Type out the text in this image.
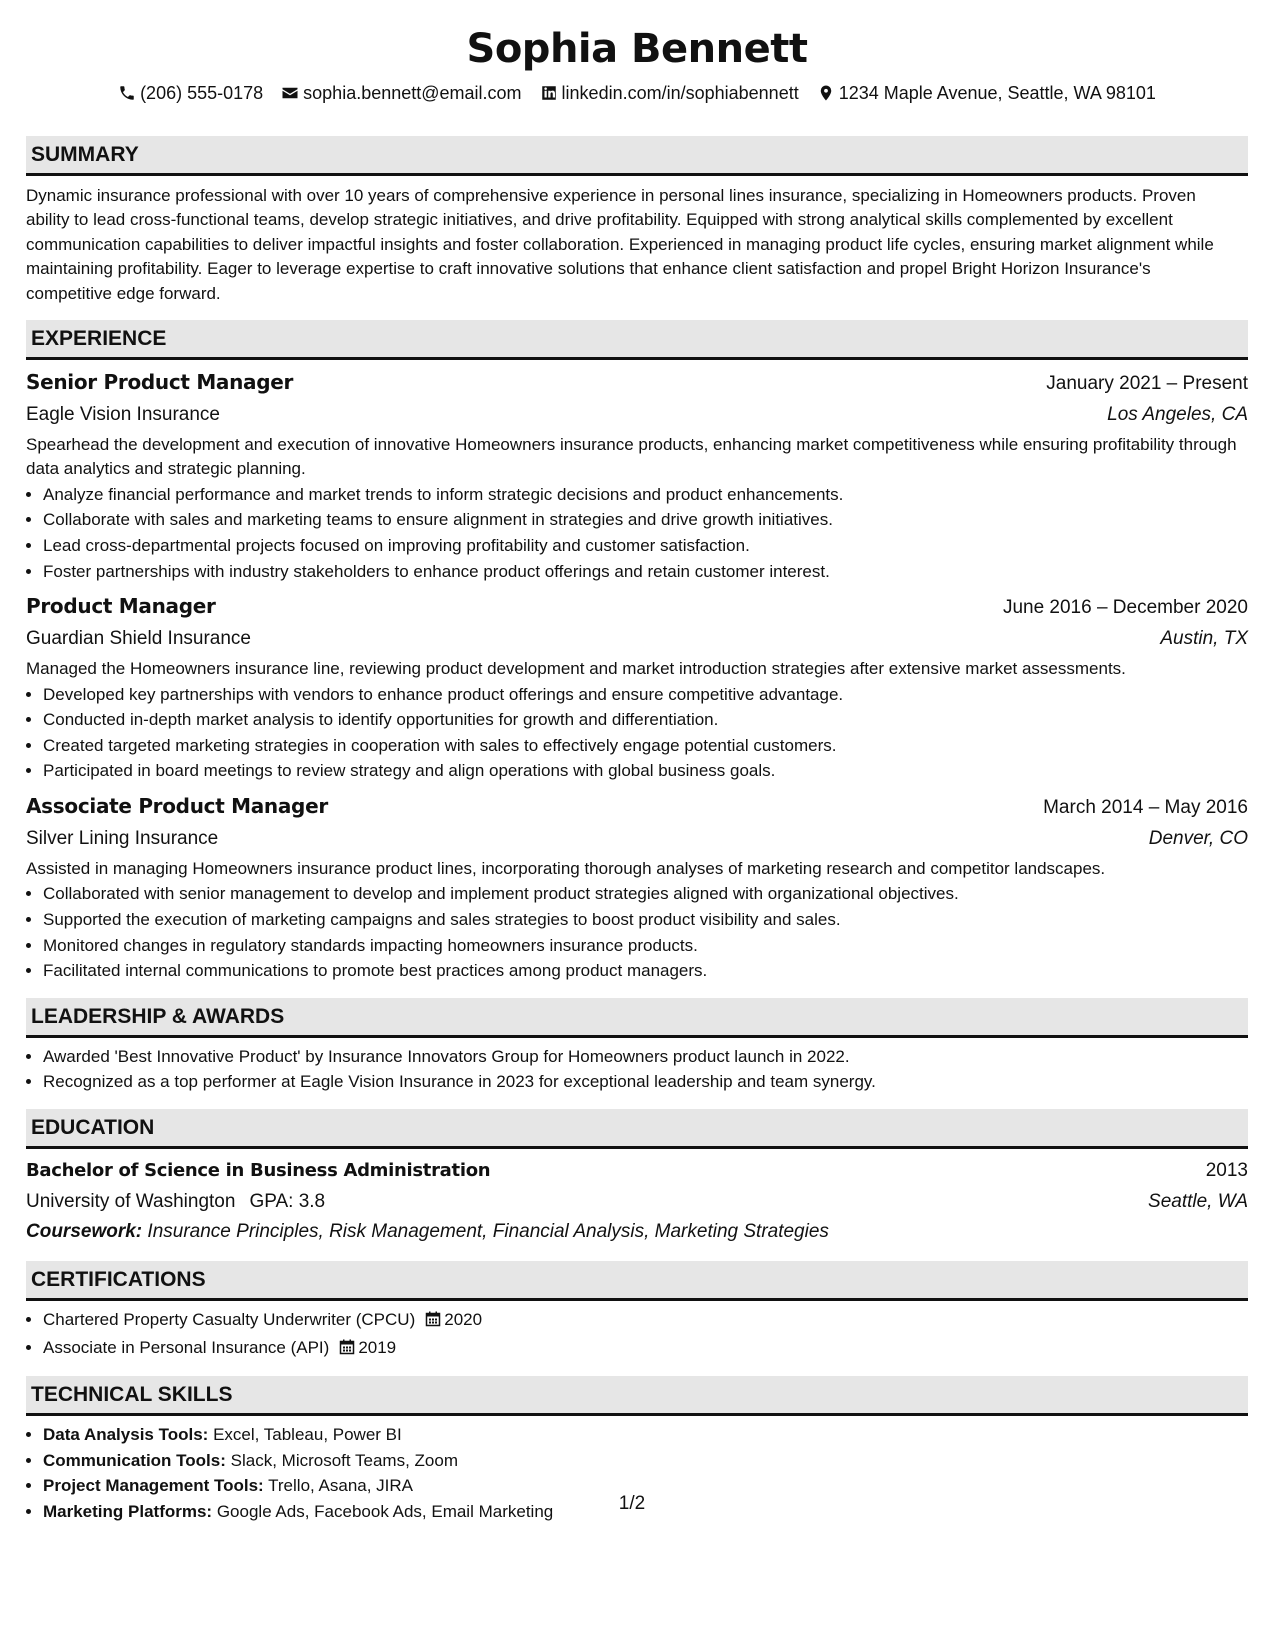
Sophia Bennett
(206) 555-0178 sophia.bennett@email.com linkedin.com/in/sophiabennett 1234 Maple Avenue, Seattle, WA 98101
SUMMARY
Dynamic insurance professional with over 10 years of comprehensive experience in personal lines insurance, specializing in Homeowners products. Proven ability to lead cross-functional teams, develop strategic initiatives, and drive profitability. Equipped with strong analytical skills complemented by excellent communication capabilities to deliver impactful insights and foster collaboration. Experienced in managing product life cycles, ensuring market alignment while maintaining profitability. Eager to leverage expertise to craft innovative solutions that enhance client satisfaction and propel Bright Horizon Insurance's competitive edge forward.
EXPERIENCE
Senior Product Manager	January 2021 – Present
Eagle Vision Insurance	Los Angeles, CA
Spearhead the development and execution of innovative Homeowners insurance products, enhancing market competitiveness while ensuring profitability through data analytics and strategic planning.
• Analyze financial performance and market trends to inform strategic decisions and product enhancements.
• Collaborate with sales and marketing teams to ensure alignment in strategies and drive growth initiatives.
• Lead cross-departmental projects focused on improving profitability and customer satisfaction.
• Foster partnerships with industry stakeholders to enhance product offerings and retain customer interest.
Product Manager	June 2016 – December 2020
Guardian Shield Insurance	Austin, TX
Managed the Homeowners insurance line, reviewing product development and market introduction strategies after extensive market assessments.
• Developed key partnerships with vendors to enhance product offerings and ensure competitive advantage.
• Conducted in-depth market analysis to identify opportunities for growth and differentiation.
• Created targeted marketing strategies in cooperation with sales to effectively engage potential customers.
• Participated in board meetings to review strategy and align operations with global business goals.
Associate Product Manager	March 2014 – May 2016
Silver Lining Insurance	Denver, CO
Assisted in managing Homeowners insurance product lines, incorporating thorough analyses of marketing research and competitor landscapes.
• Collaborated with senior management to develop and implement product strategies aligned with organizational objectives.
• Supported the execution of marketing campaigns and sales strategies to boost product visibility and sales.
• Monitored changes in regulatory standards impacting homeowners insurance products.
• Facilitated internal communications to promote best practices among product managers.
LEADERSHIP & AWARDS
• Awarded 'Best Innovative Product' by Insurance Innovators Group for Homeowners product launch in 2022.
• Recognized as a top performer at Eagle Vision Insurance in 2023 for exceptional leadership and team synergy.
EDUCATION
Bachelor of Science in Business Administration	2013
University of Washington GPA: 3.8	Seattle, WA
Coursework: Insurance Principles, Risk Management, Financial Analysis, Marketing Strategies
CERTIFICATIONS
• Chartered Property Casualty Underwriter (CPCU) 2020
• Associate in Personal Insurance (API) 2019
TECHNICAL SKILLS
• Data Analysis Tools: Excel, Tableau, Power BI
• Communication Tools: Slack, Microsoft Teams, Zoom
• Project Management Tools: Trello, Asana, JIRA
• Marketing Platforms: Google Ads, Facebook Ads, Email Marketing	1/2
